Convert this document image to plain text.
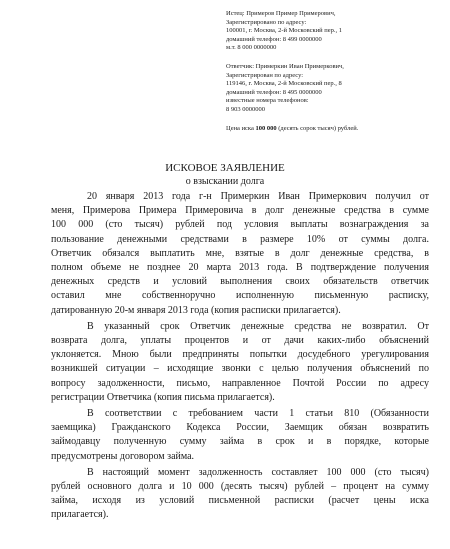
Истец: Примеров Пример Примерович,
Зарегистрировано по адресу:
100001, г. Москва, 2-й Московский пер., 1
домашний телефон: 8 499 0000000
м.т. 8 000 0000000
Ответчик: Примеркин Иван Примеркович,
Зарегистрирован по адресу:
119146, г. Москва, 2-й Московский пер., 8
домашний телефон: 8 495 0000000
известные номера телефонов:
8 903 0000000
Цена иска 100 000 (десять сорок тысяч) рублей.
ИСКОВОЕ ЗАЯВЛЕНИЕ
о взыскании долга
20 января 2013 года г-н Примеркин Иван Примеркович получил от
меня, Примерова Примера Примеровича в долг денежные средства в сумме
100 000 (сто тысяч) рублей под условия выплаты вознаграждения за
пользование денежными средствами в размере 10% от суммы долга.
Ответчик обязался выплатить мне, взятые в долг денежные средства, в
полном объеме не позднее 20 марта 2013 года. В подтверждение получения
денежных средств и условий выполнения своих обязательств ответчик
оставил мне собственноручно исполненную письменную расписку,
датированную 20-м января 2013 года (копия расписки прилагается).
В указанный срок Ответчик денежные средства не возвратил. От
возврата долга, уплаты процентов и от дачи каких-либо объяснений
уклоняется. Мною были предприняты попытки досудебного урегулирования
возникшей ситуации – исходящие звонки с целью получения объяснений по
вопросу задолженности, письмо, направленное Почтой России по адресу
регистрации Ответчика (копия письма прилагается).
В соответствии с требованием части 1 статьи 810 (Обязанности
заемщика) Гражданского Кодекса России, Заемщик обязан возвратить
займодавцу полученную сумму займа в срок и в порядке, которые
предусмотрены договором займа.
В настоящий момент задолженность составляет 100 000 (сто тысяч)
рублей основного долга и 10 000 (десять тысяч) рублей – процент на сумму
займа, исходя из условий письменной расписки (расчет цены иска
прилагается).
